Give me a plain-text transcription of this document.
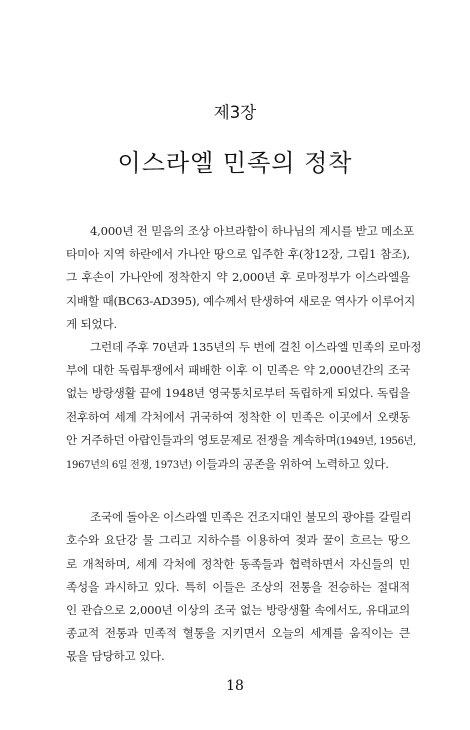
제3장
이스라엘 민족의 정착

4,000년 전 믿음의 조상 아브라함이 하나님의 계시를 받고 메소포

타미아 지역 하란에서 가나안 땅으로 입주한 후(창12장, 그림1 참조),

그 후손이 가나안에 정착한지 약 2,000년 후 로마정부가 이스라엘을

지배할 때(BC63-AD395), 예수께서 탄생하여 새로운 역사가 이루어지

게 되었다.

그런데 주후 70년과 135년의 두 번에 걸친 이스라엘 민족의 로마정

부에 대한 독립투쟁에서 패배한 이후 이 민족은 약 2,000년간의 조국

없는 방랑생활 끝에 1948년 영국통치로부터 독립하게 되었다. 독립을

전후하여 세계 각처에서 귀국하여 정착한 이 민족은 이곳에서 오랫동

안 거주하던 아랍인들과의 영토문제로 전쟁을 계속하며(1949년, 1956년,

1967년의 6일 전쟁, 1973년) 이들과의 공존을 위하여 노력하고 있다.

조국에 돌아온 이스라엘 민족은 건조지대인 불모의 광야를 갈릴리

호수와 요단강 물 그리고 지하수를 이용하여 젖과 꿀이 흐르는 땅으

로 개척하며, 세계 각처에 정착한 동족들과 협력하면서 자신들의 민

족성을 과시하고 있다. 특히 이들은 조상의 전통을 전승하는 절대적

인 관습으로 2,000년 이상의 조국 없는 방랑생활 속에서도, 유대교의

종교적 전통과 민족적 혈통을 지키면서 오늘의 세계를 움직이는 큰

몫을 담당하고 있다.

18
